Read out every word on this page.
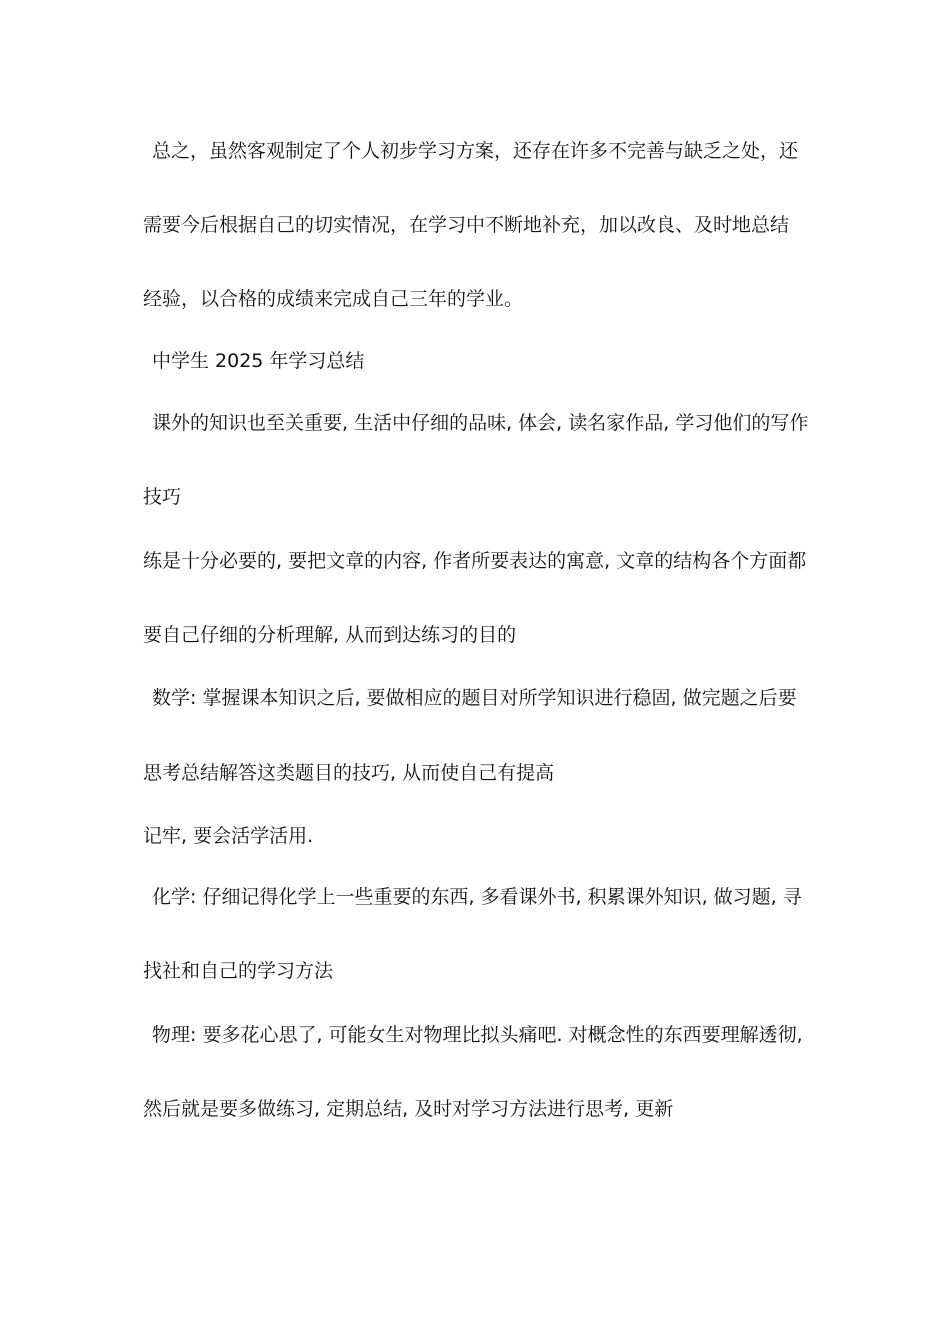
总之，虽然客观制定了个人初步学习方案，还存在许多不完善与缺乏之处，还
需要今后根据自己的切实情况，在学习中不断地补充，加以改良、及时地总结
经验，以合格的成绩来完成自己三年的学业。
中学生 2025 年学习总结
课外的知识也至关重要, 生活中仔细的品味, 体会, 读名家作品, 学习他们的写作
技巧
练是十分必要的, 要把文章的内容, 作者所要表达的寓意, 文章的结构各个方面都
要自己仔细的分析理解, 从而到达练习的目的
数学: 掌握课本知识之后, 要做相应的题目对所学知识进行稳固, 做完题之后要
思考总结解答这类题目的技巧, 从而使自己有提高
记牢, 要会活学活用.
化学: 仔细记得化学上一些重要的东西, 多看课外书, 积累课外知识, 做习题, 寻
找社和自己的学习方法
物理: 要多花心思了, 可能女生对物理比拟头痛吧. 对概念性的东西要理解透彻,
然后就是要多做练习, 定期总结, 及时对学习方法进行思考, 更新
